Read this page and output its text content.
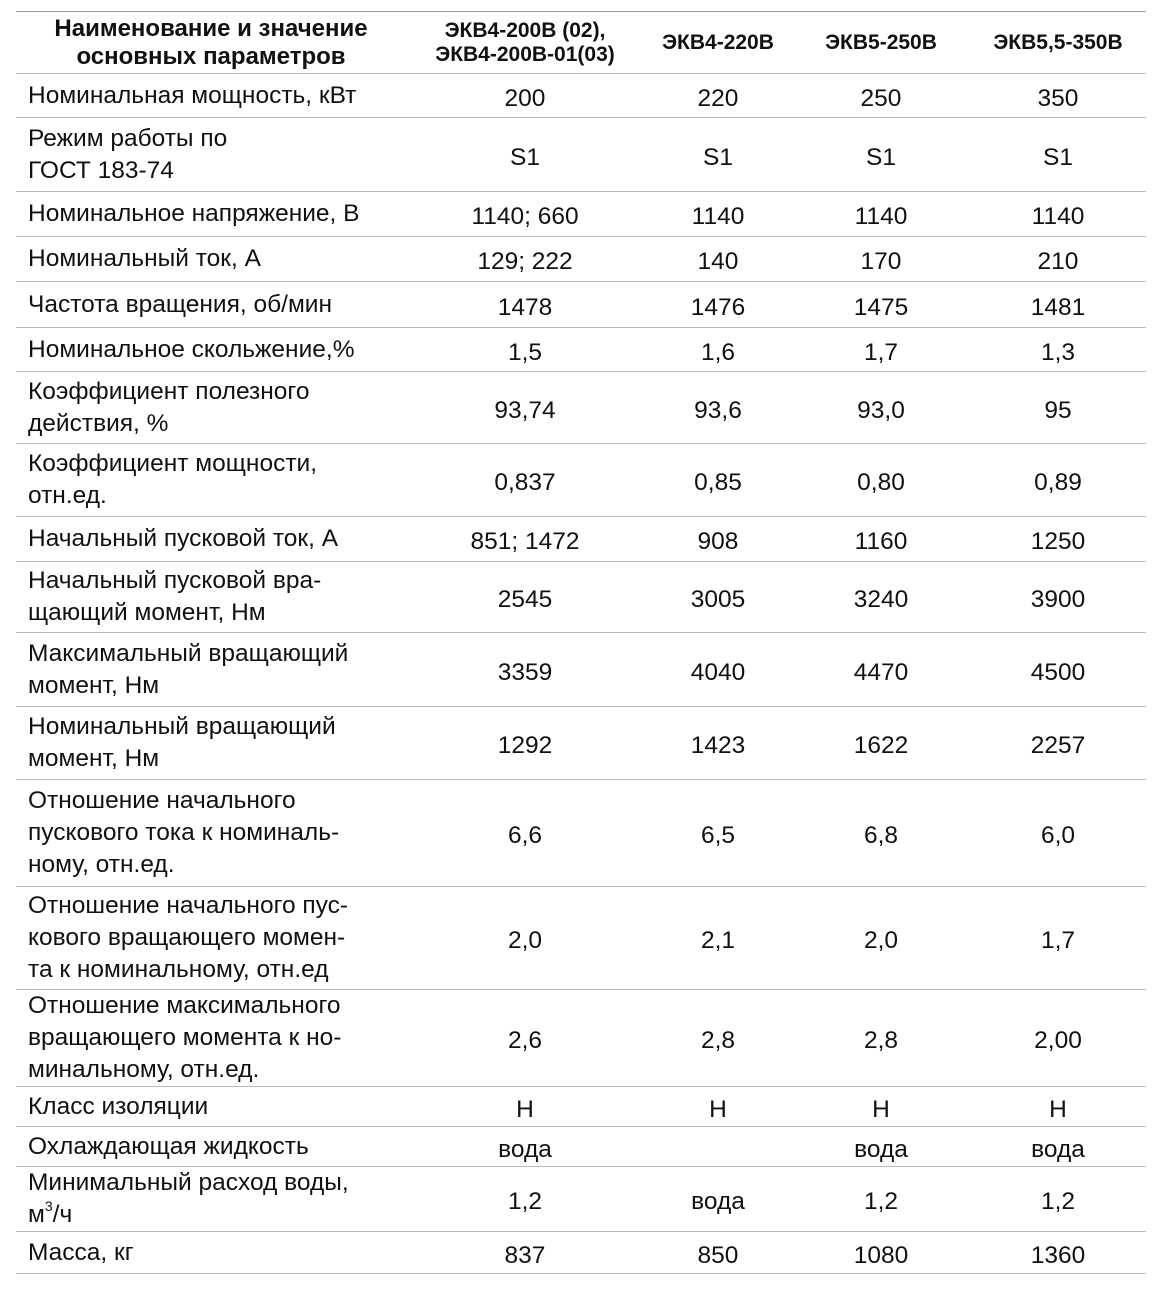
Наименование и значение
основных параметров	ЭКВ4-200В (02),
ЭКВ4-200В-01(03)	ЭКВ4-220В	ЭКВ5-250В	ЭКВ5,5-350В
Номинальная мощность, кВт	200	220	250	350
Режим работы по
ГОСТ 183-74	S1	S1	S1	S1
Номинальное напряжение, В	1140; 660	1140	1140	1140
Номинальный ток, А	129; 222	140	170	210
Частота вращения, об/мин	1478	1476	1475	1481
Номинальное скольжение,%	1,5	1,6	1,7	1,3
Коэффициент полезного
действия, %	93,74	93,6	93,0	95
Коэффициент мощности,
отн.ед.	0,837	0,85	0,80	0,89
Начальный пусковой ток, А	851; 1472	908	1160	1250
Начальный пусковой вра-
щающий момент, Нм	2545	3005	3240	3900
Максимальный вращающий
момент, Нм	3359	4040	4470	4500
Номинальный вращающий
момент, Нм	1292	1423	1622	2257
Отношение начального
пускового тока к номиналь-
ному, отн.ед.	6,6	6,5	6,8	6,0
Отношение начального пус-
кового вращающего момен-
та к номинальному, отн.ед	2,0	2,1	2,0	1,7
Отношение максимального
вращающего момента к но-
минальному, отн.ед.	2,6	2,8	2,8	2,00
Класс изоляции	Н	Н	Н	Н
Охлаждающая жидкость	вода		вода	вода
Минимальный расход воды,
$м^3/ч$	1,2	вода	1,2	1,2
Масса, кг	837	850	1080	1360
